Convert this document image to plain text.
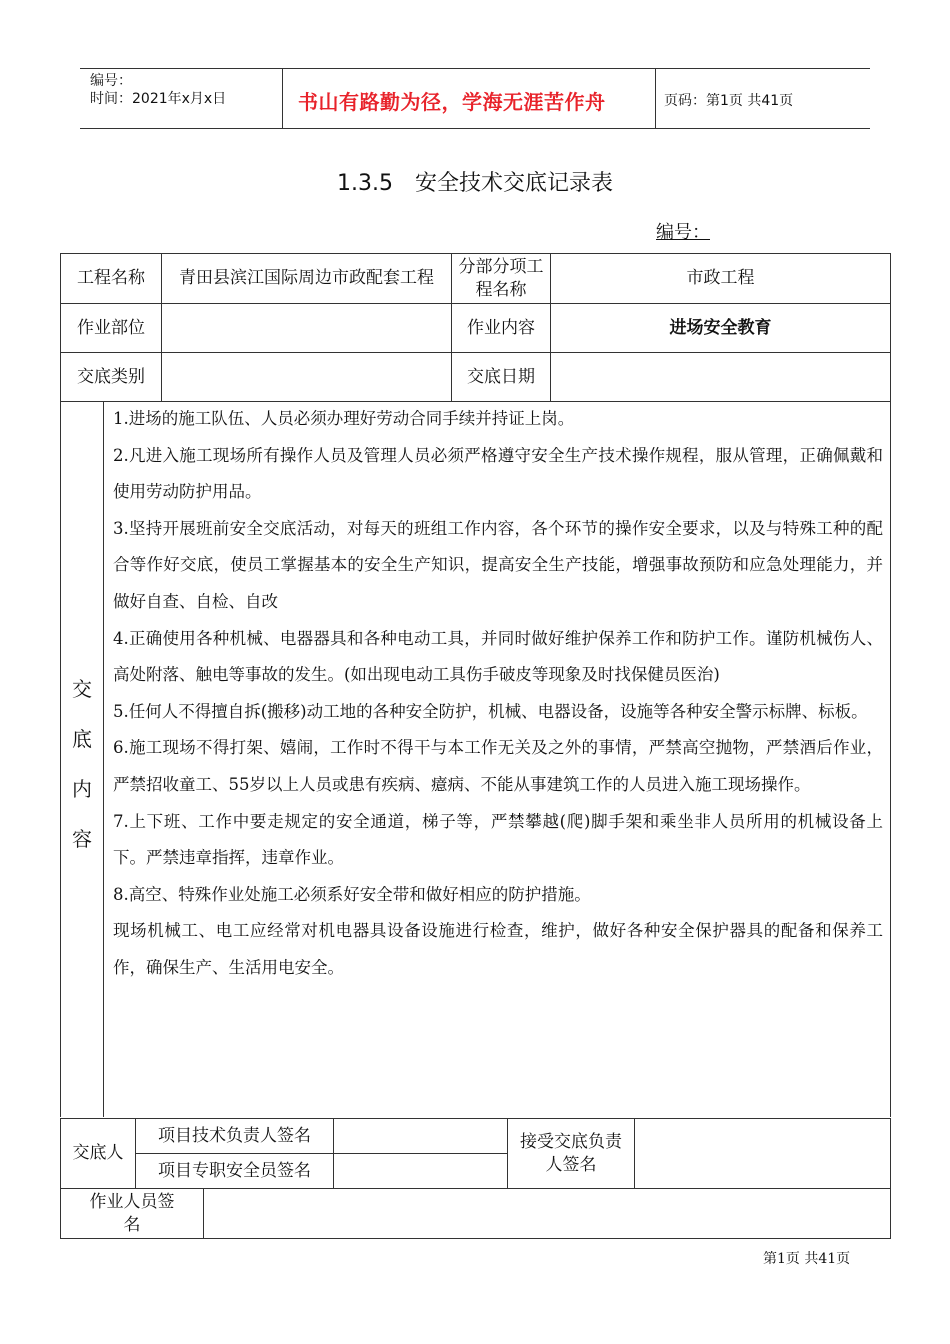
编号：
时间：2021年x月x日	书山有路勤为径，学海无涯苦作舟	页码：第1页 共41页
1.3.5　安全技术交底记录表
编号：
工程名称	青田县滨江国际周边市政配套工程	分部分项工程名称	市政工程
作业部位		作业内容	进场安全教育
交底类别		交底日期	
交
底
内
容

1.进场的施工队伍、人员必须办理好劳动合同手续并持证上岗。

2.凡进入施工现场所有操作人员及管理人员必须严格遵守安全生产技术操作规程，服从管理，正确佩戴和使用劳动防护用品。

3.坚持开展班前安全交底活动，对每天的班组工作内容，各个环节的操作安全要求，以及与特殊工种的配合等作好交底，使员工掌握基本的安全生产知识，提高安全生产技能，增强事故预防和应急处理能力，并做好自查、自检、自改

4.正确使用各种机械、电器器具和各种电动工具，并同时做好维护保养工作和防护工作。谨防机械伤人、高处附落、触电等事故的发生。(如出现电动工具伤手破皮等现象及时找保健员医治)

5.任何人不得擅自拆(搬移)动工地的各种安全防护，机械、电器设备，设施等各种安全警示标牌、标板。

6.施工现场不得打架、嬉闹，工作时不得干与本工作无关及之外的事情，严禁高空抛物，严禁酒后作业，严禁招收童工、55岁以上人员或患有疾病、癔病、不能从事建筑工作的人员进入施工现场操作。

7.上下班、工作中要走规定的安全通道，梯子等，严禁攀越(爬)脚手架和乘坐非人员所用的机械设备上下。严禁违章指挥，违章作业。

8.高空、特殊作业处施工必须系好安全带和做好相应的防护措施。

现场机械工、电工应经常对机电器具设备设施进行检查，维护，做好各种安全保护器具的配备和保养工作，确保生产、生活用电安全。

交底人	项目技术负责人签名			接受交底负责人签名	
	项目专职安全员签名				
作业人员签名					
第1页 共41页
